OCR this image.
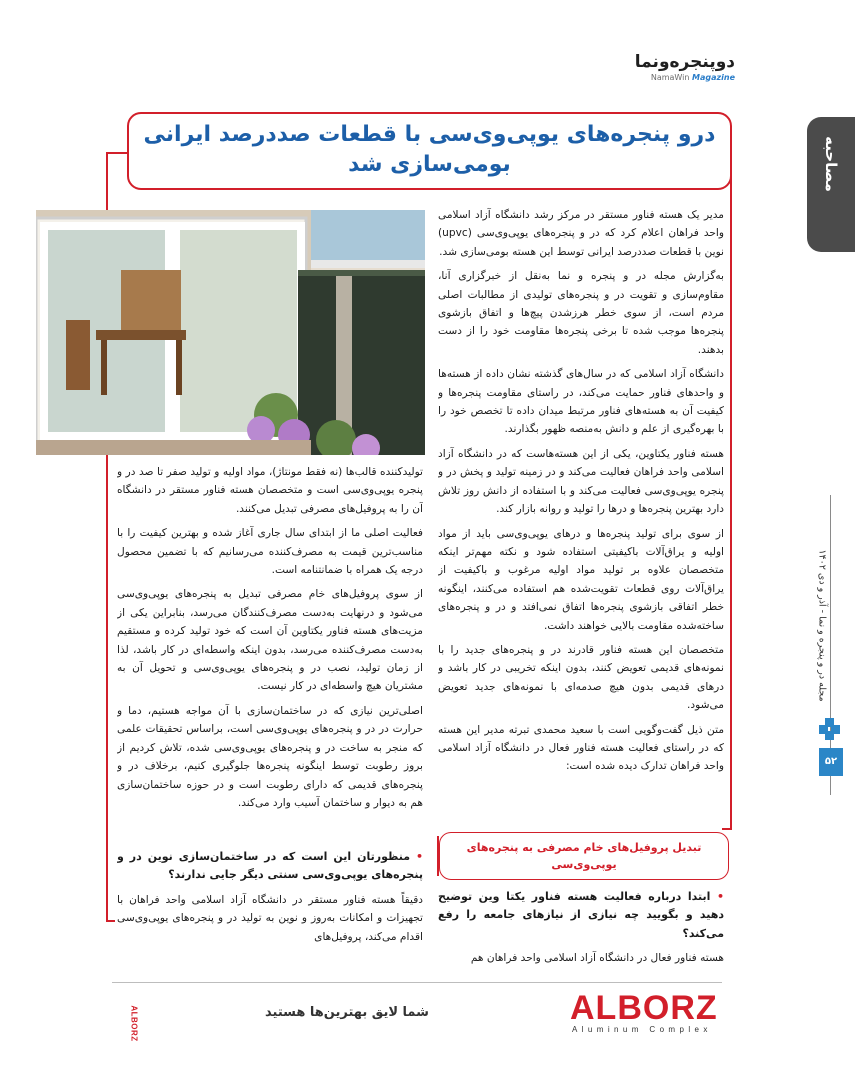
دوپنجره‌ونما
NamaWin Magazine
مصاحبه
مجله در و پنجره و نما - آذر و دی ۱۴۰۲
۵۲
درو پنجره‌های یوپی‌وی‌سی با قطعات صددرصد ایرانی
بومی‌سازی شد

مدیر یک هسته فناور مستقر در مرکز رشد دانشگاه آزاد اسلامی واحد فراهان اعلام کرد که در و پنجره‌های یوپی‌وی‌سی (upvc) نوین با قطعات صددرصد ایرانی توسط این هسته بومی‌سازی شد.

به‌گزارش مجله در و پنجره و نما به‌نقل از خبرگزاری آنا، مقاوم‌سازی و تقویت در و پنجره‌های تولیدی از مطالبات اصلی مردم است، از سوی خطر هرزشدن پیچ‌ها و اتفاق بازشوی پنجره‌ها موجب شده تا برخی پنجره‌ها مقاومت خود را از دست بدهند.

دانشگاه آزاد اسلامی که در سال‌های گذشته نشان داده از هسته‌ها و واحدهای فناور حمایت می‌کند، در راستای مقاومت پنجره‌ها و کیفیت آن به هسته‌های فناور مرتبط میدان داده تا تخصص خود را با بهره‌گیری از علم و دانش به‌منصه ظهور بگذارند.

هسته فناور یکتاوین، یکی از این هسته‌هاست که در دانشگاه آزاد اسلامی واحد فراهان فعالیت می‌کند و در زمینه تولید و پخش در و پنجره یوپی‌وی‌سی فعالیت می‌کند و با استفاده از دانش روز تلاش دارد بهترین پنجره‌ها و درها را تولید و روانه بازار کند.

از سوی برای تولید پنجره‌ها و درهای یوپی‌وی‌سی باید از مواد اولیه و یراق‌آلات باکیفیتی استفاده شود و نکته مهم‌تر اینکه متخصصان علاوه بر تولید مواد اولیه مرغوب و باکیفیت از یراق‌آلات روی قطعات تقویت‌شده هم استفاده می‌کنند، اینگونه خطر اتفاقی بازشوی پنجره‌ها اتفاق نمی‌افتد و در و پنجره‌های ساخته‌شده مقاومت بالایی خواهند داشت.

متخصصان این هسته فناور قادرند در و پنجره‌های جدید را با نمونه‌های قدیمی تعویض کنند، بدون اینکه تخریبی در کار باشد و درهای قدیمی بدون هیچ صدمه‌ای با نمونه‌های جدید تعویض می‌شود.

متن ذیل گفت‌وگویی است با سعید محمدی تبرته مدیر این هسته که در راستای فعالیت هسته فناور فعال در دانشگاه آزاد اسلامی واحد فراهان تدارک دیده شده است:

تبدیل پروفیل‌های خام مصرفی به پنجره‌های یوپی‌وی‌سی

• ابتدا درباره فعالیت هسته فناور یکتا وین توضیح دهید و بگویید چه نیازی از نیازهای جامعه را رفع می‌کند؟

هسته فناور فعال در دانشگاه آزاد اسلامی واحد فراهان هم

تولیدکننده قالب‌ها (نه فقط مونتاژ)، مواد اولیه و تولید صفر تا صد در و پنجره یوپی‌وی‌سی است و متخصصان هسته فناور مستقر در دانشگاه آن را به پروفیل‌های مصرفی تبدیل می‌کنند.

فعالیت اصلی ما از ابتدای سال جاری آغاز شده و بهترین کیفیت را با مناسب‌ترین قیمت به مصرف‌کننده می‌رسانیم که با تضمین محصول درجه یک همراه با ضمانتنامه است.

از سوی پروفیل‌های خام مصرفی تبدیل به پنجره‌های یوپی‌وی‌سی می‌شود و درنهایت به‌دست مصرف‌کنندگان می‌رسد، بنابراین یکی از مزیت‌های هسته فناور یکتاوین آن است که خود تولید کرده و مستقیم به‌دست مصرف‌کننده می‌رسد، بدون اینکه واسطه‌ای در کار باشد، لذا از زمان تولید، نصب در و پنجره‌های یوپی‌وی‌سی و تحویل آن به مشتریان هیچ واسطه‌ای در کار نیست.

اصلی‌ترین نیازی که در ساختمان‌سازی با آن مواجه هستیم، دما و حرارت در در و پنجره‌های یوپی‌وی‌سی است، براساس تحقیقات علمی که منجر به ساخت در و پنجره‌های یوپی‌وی‌سی شده، تلاش کردیم از بروز رطوبت توسط اینگونه پنجره‌ها جلوگیری کنیم، برخلاف در و پنجره‌های قدیمی که دارای رطوبت است و در حوزه ساختمان‌سازی هم به دیوار و ساختمان آسیب وارد می‌کند.

• منظورتان این است که در ساختمان‌سازی نوین در و پنجره‌های یوپی‌وی‌سی سنتی دیگر جایی ندارند؟

دقیقاً هسته فناور مستقر در دانشگاه آزاد اسلامی واحد فراهان با تجهیزات و امکانات به‌روز و نوین به تولید در و پنجره‌های یوپی‌وی‌سی اقدام می‌کند، پروفیل‌های

ALBORZ
Aluminum Complex
شما لایق بهترین‌ها هستید
ALBORZ
